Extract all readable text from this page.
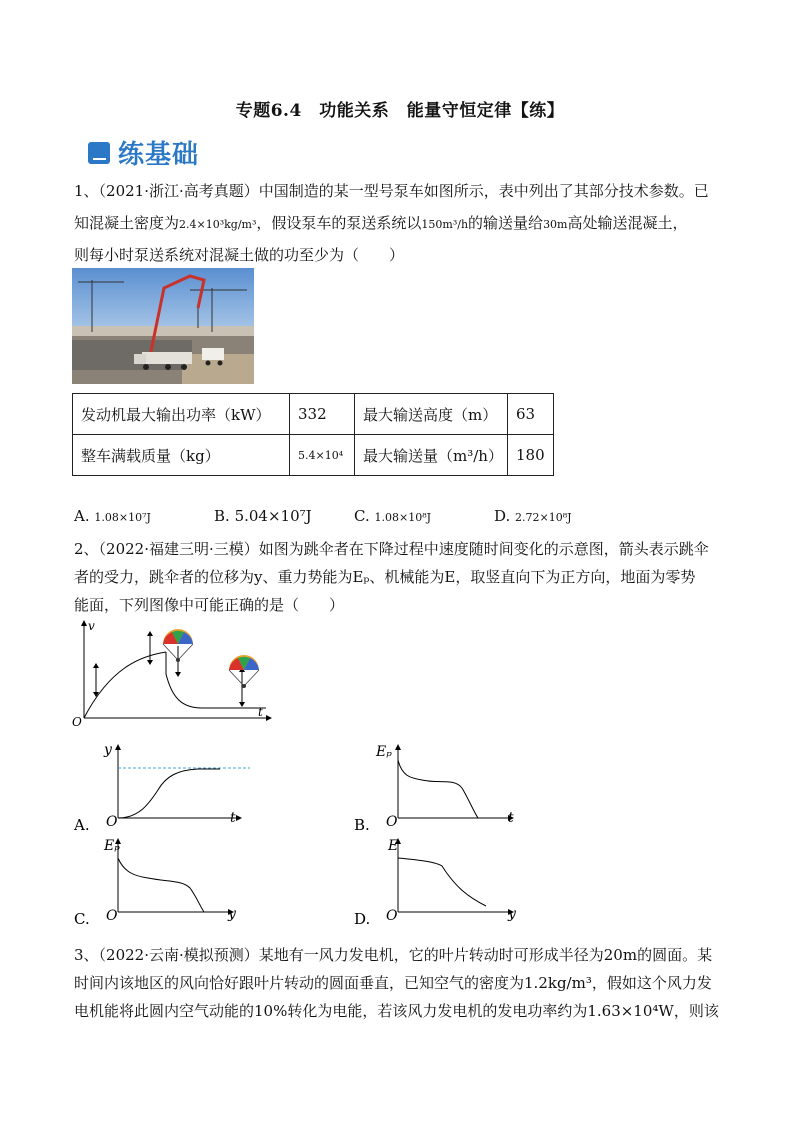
专题6.4　功能关系　能量守恒定律【练】
练基础
1、（2021·浙江·高考真题）中国制造的某一型号泵车如图所示，表中列出了其部分技术参数。已
知混凝土密度为2.4×10³kg/m³，假设泵车的泵送系统以150m³/h的输送量给30m高处输送混凝土，
则每小时泵送系统对混凝土做的功至少为（　　）
发动机最大输出功率（kW）	332	最大输送高度（m）	63
整车满载质量（kg）	5.4×10⁴	最大输送量（m³/h）	180
A. 1.08×10⁷J	B. 5.04×10⁷J	C. 1.08×10⁸J	D. 2.72×10⁸J
2、（2022·福建三明·三模）如图为跳伞者在下降过程中速度随时间变化的示意图，箭头表示跳伞
者的受力，跳伞者的位移为y、重力势能为Eₚ、机械能为E，取竖直向下为正方向，地面为零势
能面，下列图像中可能正确的是（　　）
v
t
O
A.
y
t
O	B.
Eₚ
t
O
C.
Eₚ
y
O	D.
E
y
O
3、（2022·云南·模拟预测）某地有一风力发电机，它的叶片转动时可形成半径为20m的圆面。某
时间内该地区的风向恰好跟叶片转动的圆面垂直，已知空气的密度为1.2kg/m³，假如这个风力发
电机能将此圆内空气动能的10%转化为电能，若该风力发电机的发电功率约为1.63×10⁴W，则该
